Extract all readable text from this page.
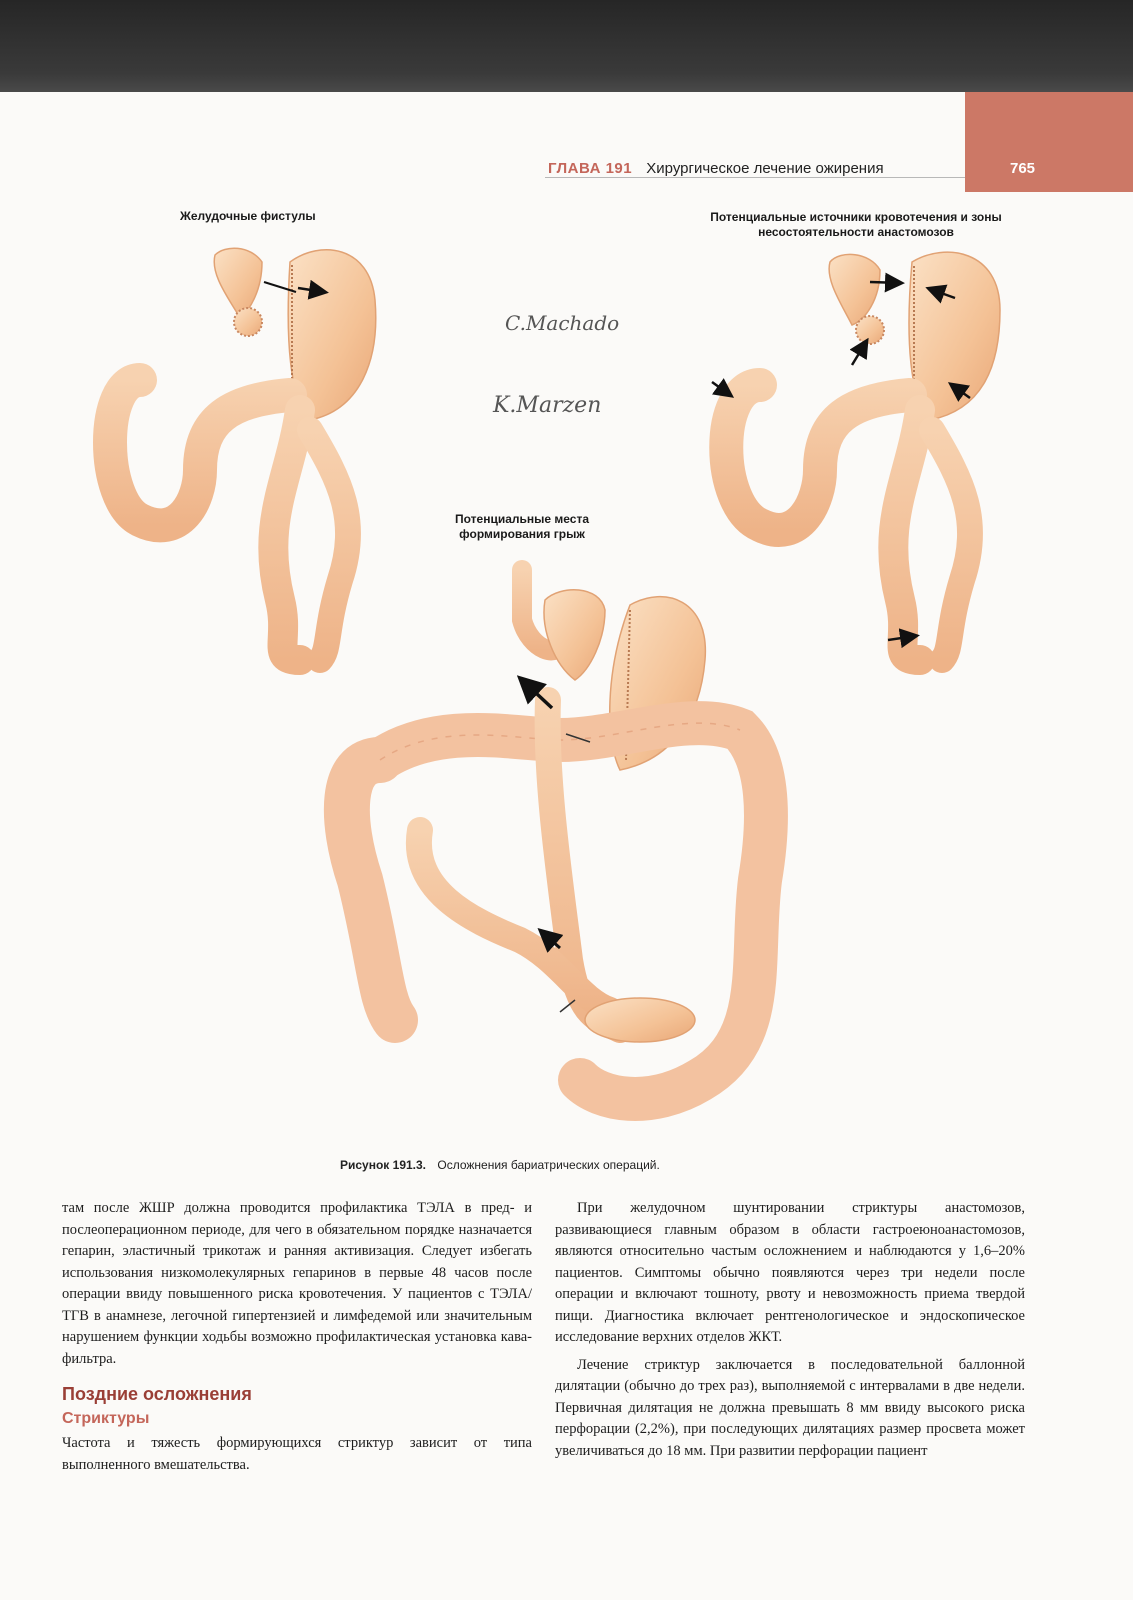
ГЛАВА 191 Хирургическое лечение ожирения	765
C.Machado
K.Marzen
Желудочные фистулы	Потенциальные источники кровотечения и зоны несостоятельности анастомозов
Потенциальные места формирования грыж
Рисунок 191.3. Осложнения бариатрических операций.

там после ЖШР должна проводится профилактика ТЭЛА в пред- и послеоперационном периоде, для чего в обязательном порядке назначается гепарин, эластичный трикотаж и ранняя активизация. Следует избегать использования низкомолекулярных гепаринов в первые 48 часов после операции ввиду повышенного риска кровотечения. У пациентов с ТЭЛА/ТГВ в анамнезе, легочной гипертензией и лимфедемой или значительным нарушением функции ходьбы возможно профилактическая установка кава-фильтра.

Поздние осложнения
Стриктуры

Частота и тяжесть формирующихся стриктур зависит от типа выполненного вмешательства.

При желудочном шунтировании стриктуры анастомозов, развивающиеся главным образом в области гастроеюноанастомозов, являются относительно частым осложнением и наблюдаются у 1,6–20% пациентов. Симптомы обычно появляются через три недели после операции и включают тошноту, рвоту и невозможность приема твердой пищи. Диагностика включает рентгенологическое и эндоскопическое исследование верхних отделов ЖКТ.

Лечение стриктур заключается в последовательной баллонной дилятации (обычно до трех раз), выполняемой с интервалами в две недели. Первичная дилятация не должна превышать 8 мм ввиду высокого риска перфорации (2,2%), при последующих дилятациях размер просвета может увеличиваться до 18 мм. При развитии перфорации пациент
